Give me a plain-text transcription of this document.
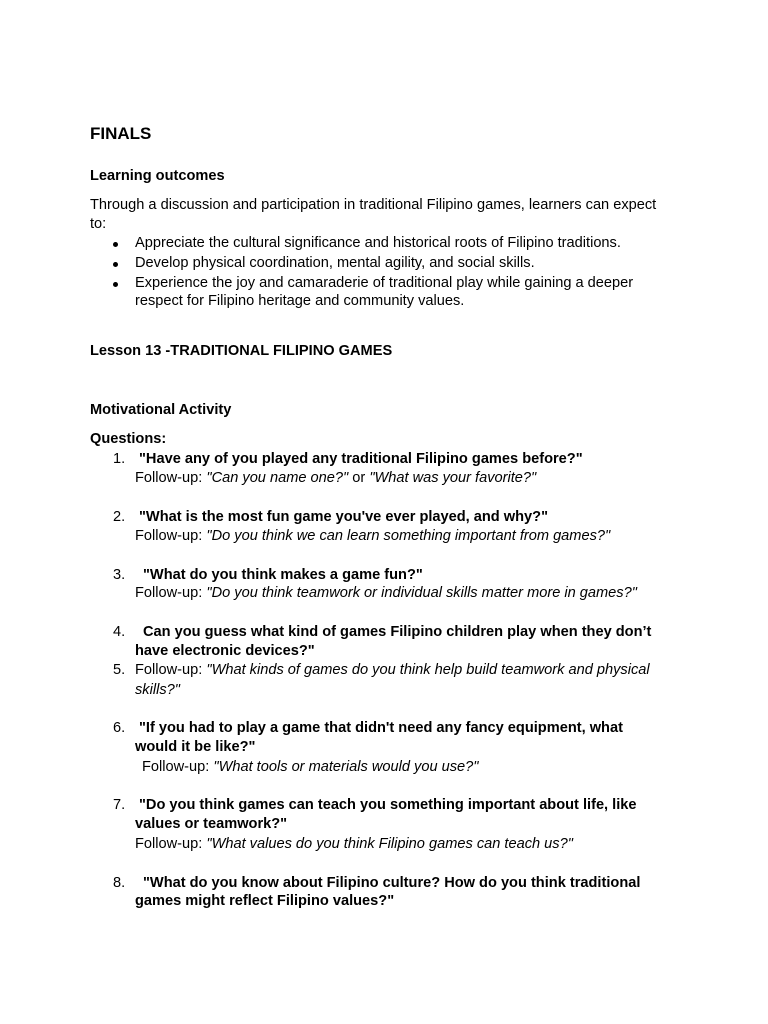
FINALS
Learning outcomes
Through a discussion and participation in traditional Filipino games, learners can expect
to:
Appreciate the cultural significance and historical roots of Filipino traditions.
Develop physical coordination, mental agility, and social skills.
Experience the joy and camaraderie of traditional play while gaining a deeper
respect for Filipino heritage and community values.
Lesson 13 -TRADITIONAL FILIPINO GAMES
Motivational Activity
Questions:
1. "Have any of you played any traditional Filipino games before?"
Follow-up: "Can you name one?" or "What was your favorite?"
2. "What is the most fun game you've ever played, and why?"
Follow-up: "Do you think we can learn something important from games?"
3. "What do you think makes a game fun?"
Follow-up: "Do you think teamwork or individual skills matter more in games?"
4. Can you guess what kind of games Filipino children play when they don’t
have electronic devices?"
5. Follow-up: "What kinds of games do you think help build teamwork and physical
skills?"
6. "If you had to play a game that didn't need any fancy equipment, what
would it be like?"
Follow-up: "What tools or materials would you use?"
7. "Do you think games can teach you something important about life, like
values or teamwork?"
Follow-up: "What values do you think Filipino games can teach us?"
8. "What do you know about Filipino culture? How do you think traditional
games might reflect Filipino values?"
